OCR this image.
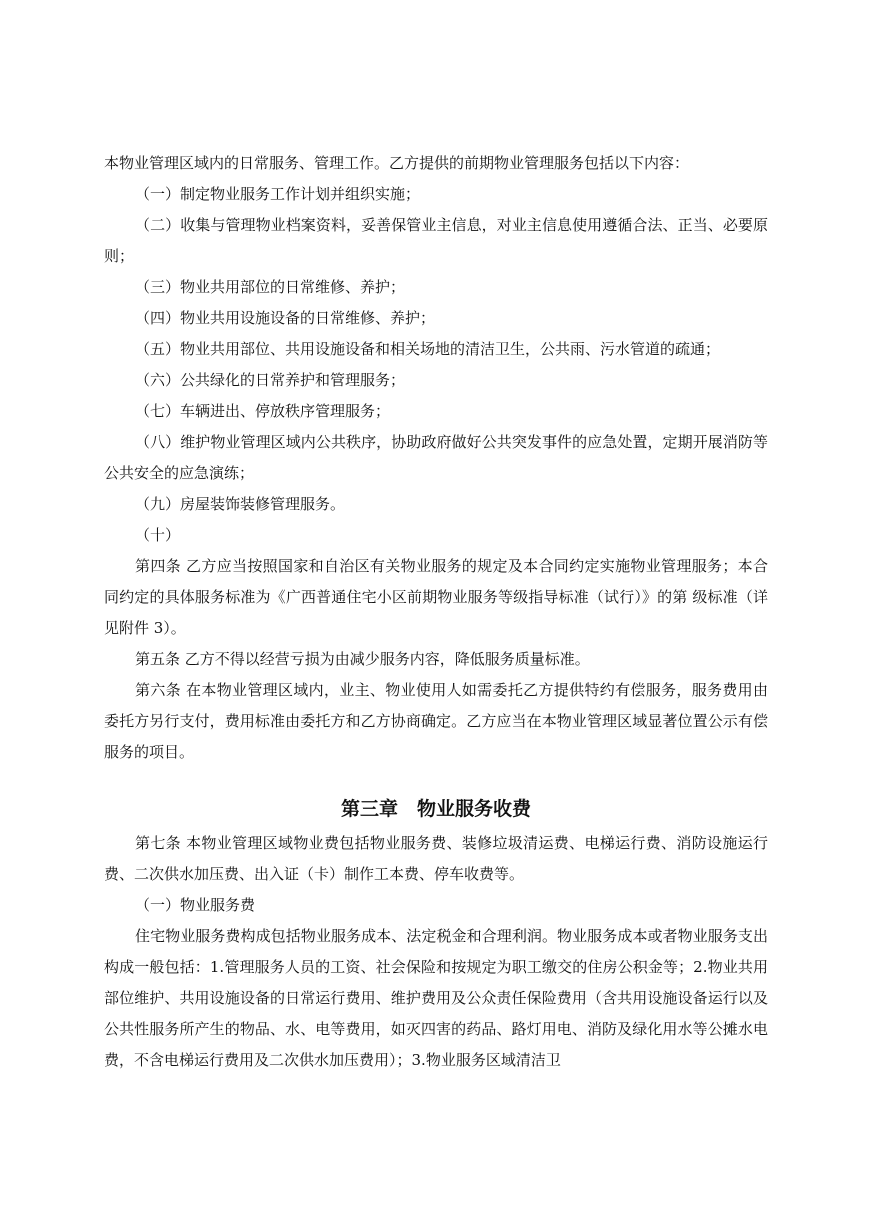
本物业管理区域内的日常服务、管理工作。乙方提供的前期物业管理服务包括以下内容：

（一）制定物业服务工作计划并组织实施；

（二）收集与管理物业档案资料，妥善保管业主信息，对业主信息使用遵循合法、正当、必要原则；

（三）物业共用部位的日常维修、养护；

（四）物业共用设施设备的日常维修、养护；

（五）物业共用部位、共用设施设备和相关场地的清洁卫生，公共雨、污水管道的疏通；

（六）公共绿化的日常养护和管理服务；

（七）车辆进出、停放秩序管理服务；

（八）维护物业管理区域内公共秩序，协助政府做好公共突发事件的应急处置，定期开展消防等公共安全的应急演练；

（九）房屋装饰装修管理服务。

（十）

第四条 乙方应当按照国家和自治区有关物业服务的规定及本合同约定实施物业管理服务；本合同约定的具体服务标准为《广西普通住宅小区前期物业服务等级指导标准（试行）》的第 级标准（详见附件 3）。

第五条 乙方不得以经营亏损为由减少服务内容，降低服务质量标准。

第六条 在本物业管理区域内，业主、物业使用人如需委托乙方提供特约有偿服务，服务费用由委托方另行支付，费用标准由委托方和乙方协商确定。乙方应当在本物业管理区域显著位置公示有偿服务的项目。

第三章　物业服务收费

第七条 本物业管理区域物业费包括物业服务费、装修垃圾清运费、电梯运行费、消防设施运行费、二次供水加压费、出入证（卡）制作工本费、停车收费等。

（一）物业服务费

住宅物业服务费构成包括物业服务成本、法定税金和合理利润。物业服务成本或者物业服务支出构成一般包括：1.管理服务人员的工资、社会保险和按规定为职工缴交的住房公积金等；2.物业共用部位维护、共用设施设备的日常运行费用、维护费用及公众责任保险费用（含共用设施设备运行以及公共性服务所产生的物品、水、电等费用，如灭四害的药品、路灯用电、消防及绿化用水等公摊水电费，不含电梯运行费用及二次供水加压费用）；3.物业服务区域清洁卫
